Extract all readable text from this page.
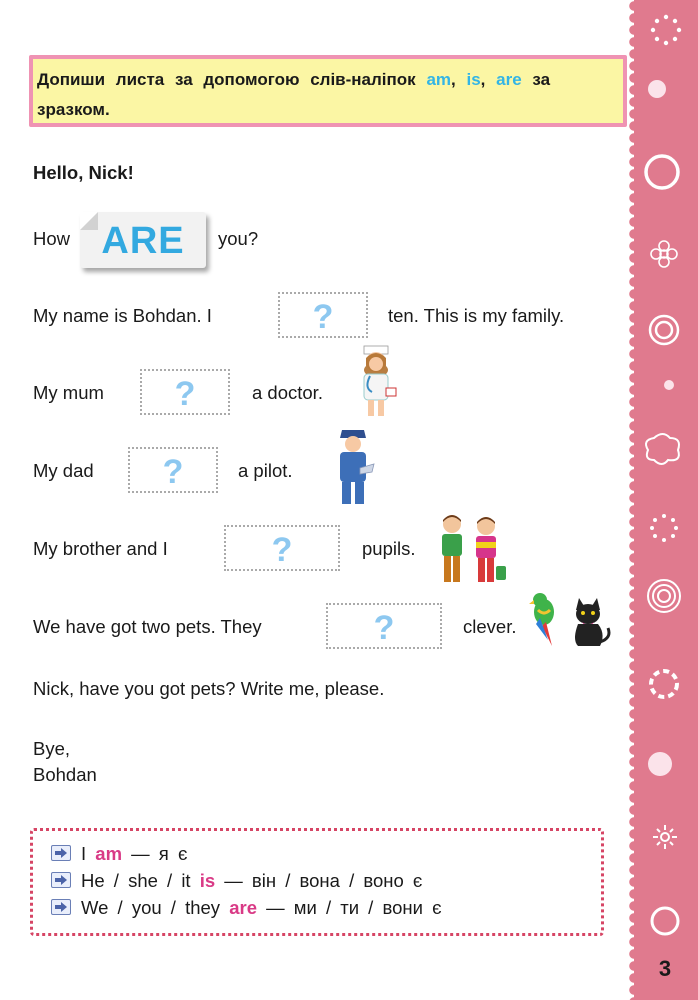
3
Допиши листа за допомогою слів-наліпок am, is, are за зразком.
Hello, Nick!
How ARE	you?
My name is Bohdan. I	?	ten. This is my family.
My mum	?	a doctor.
My dad	?	a pilot.
My brother and I	?	pupils.
We have got two pets. They	?	clever.
Nick, have you got pets? Write me, please.
Bye,
Bohdan
I am — я є
He / she / it is — він / вона / воно є
We / you / they are — ми / ти / вони є
